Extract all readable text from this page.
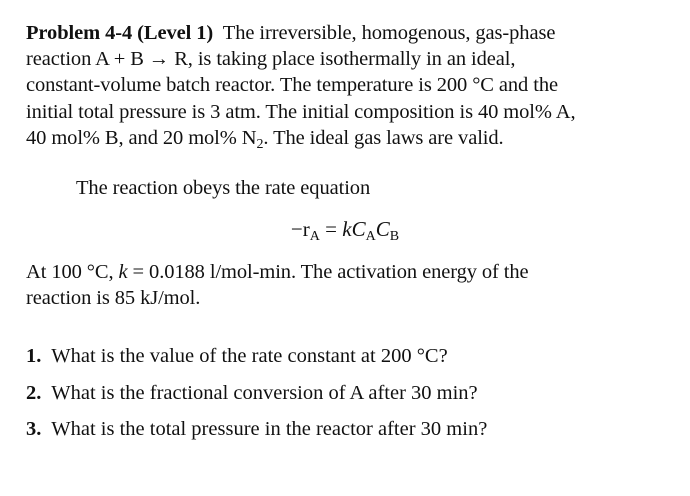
Problem 4-4 (Level 1) The irreversible, homogenous, gas-phase
reaction A + B → R, is taking place isothermally in an ideal,
constant-volume batch reactor. The temperature is 200 °C and the
initial total pressure is 3 atm. The initial composition is 40 mol% A,
40 mol% B, and 20 mol% $N_2$. The ideal gas laws are valid.
The reaction obeys the rate equation
$-r_A = kC_AC_B$
At 100 °C, k = 0.0188 l/mol-min. The activation energy of the
reaction is 85 kJ/mol.
1. What is the value of the rate constant at 200 °C?
2. What is the fractional conversion of A after 30 min?
3. What is the total pressure in the reactor after 30 min?
